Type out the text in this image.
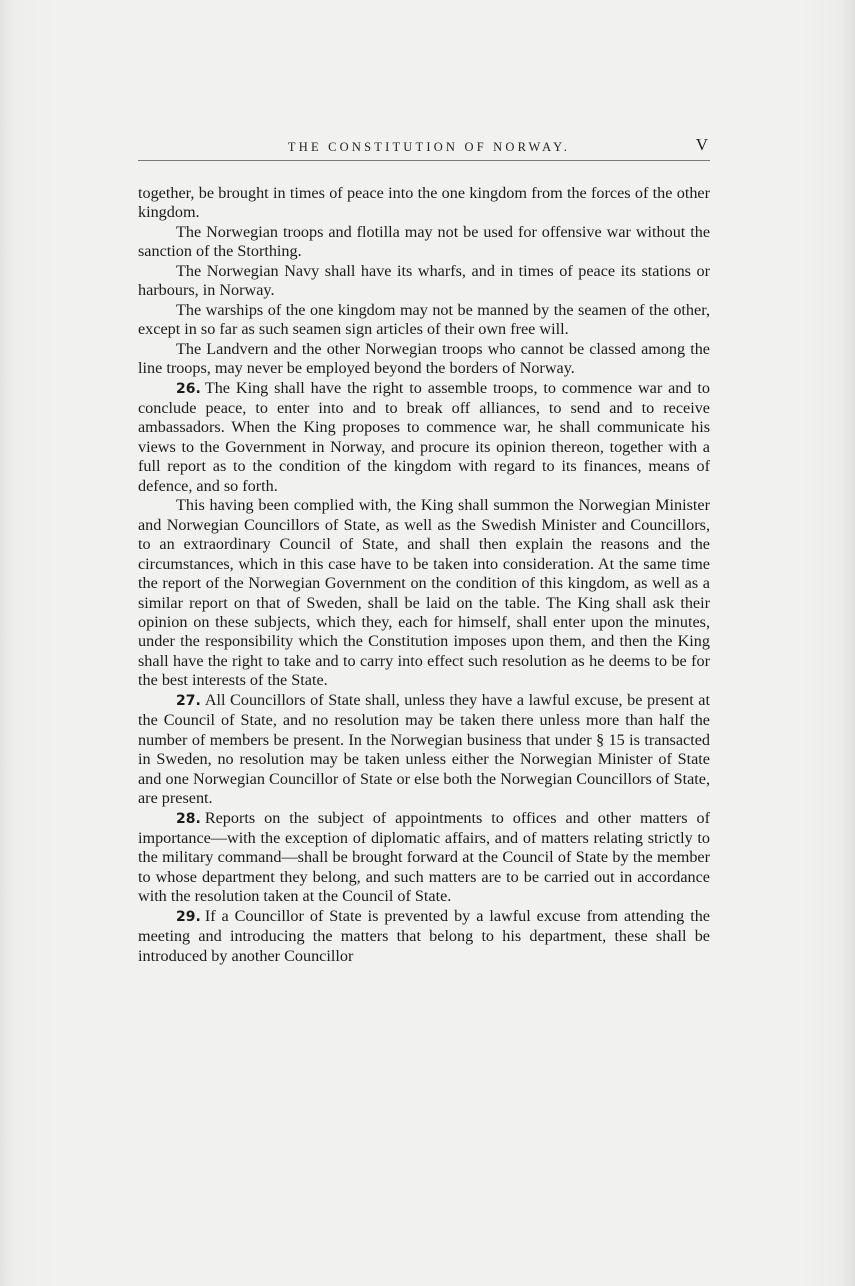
THE CONSTITUTION OF NORWAY.	V

together, be brought in times of peace into the one kingdom from the forces of the other kingdom.

The Norwegian troops and flotilla may not be used for offensive war without the sanction of the Storthing.

The Norwegian Navy shall have its wharfs, and in times of peace its stations or harbours, in Norway.

The warships of the one kingdom may not be manned by the seamen of the other, except in so far as such seamen sign articles of their own free will.

The Landvern and the other Norwegian troops who cannot be classed among the line troops, may never be employed beyond the borders of Norway.

26. The King shall have the right to assemble troops, to commence war and to conclude peace, to enter into and to break off alliances, to send and to receive ambassadors. When the King proposes to commence war, he shall communicate his views to the Government in Norway, and procure its opinion thereon, together with a full report as to the condition of the kingdom with regard to its finances, means of defence, and so forth.

This having been complied with, the King shall summon the Norwegian Minister and Norwegian Councillors of State, as well as the Swedish Minister and Councillors, to an extraordinary Council of State, and shall then explain the reasons and the circumstances, which in this case have to be taken into consideration. At the same time the report of the Norwegian Government on the condition of this kingdom, as well as a similar report on that of Sweden, shall be laid on the table. The King shall ask their opinion on these subjects, which they, each for himself, shall enter upon the minutes, under the responsibility which the Constitution imposes upon them, and then the King shall have the right to take and to carry into effect such resolution as he deems to be for the best interests of the State.

27. All Councillors of State shall, unless they have a lawful excuse, be present at the Council of State, and no resolution may be taken there unless more than half the number of members be present. In the Norwegian business that under § 15 is transacted in Sweden, no resolution may be taken unless either the Norwegian Minister of State and one Norwegian Councillor of State or else both the Norwegian Councillors of State, are present.

28. Reports on the subject of appointments to offices and other matters of importance—with the exception of diplomatic affairs, and of matters relating strictly to the military command—shall be brought forward at the Council of State by the member to whose department they belong, and such matters are to be carried out in accordance with the resolution taken at the Council of State.

29. If a Councillor of State is prevented by a lawful excuse from attending the meeting and introducing the matters that belong to his department, these shall be introduced by another Councillor
